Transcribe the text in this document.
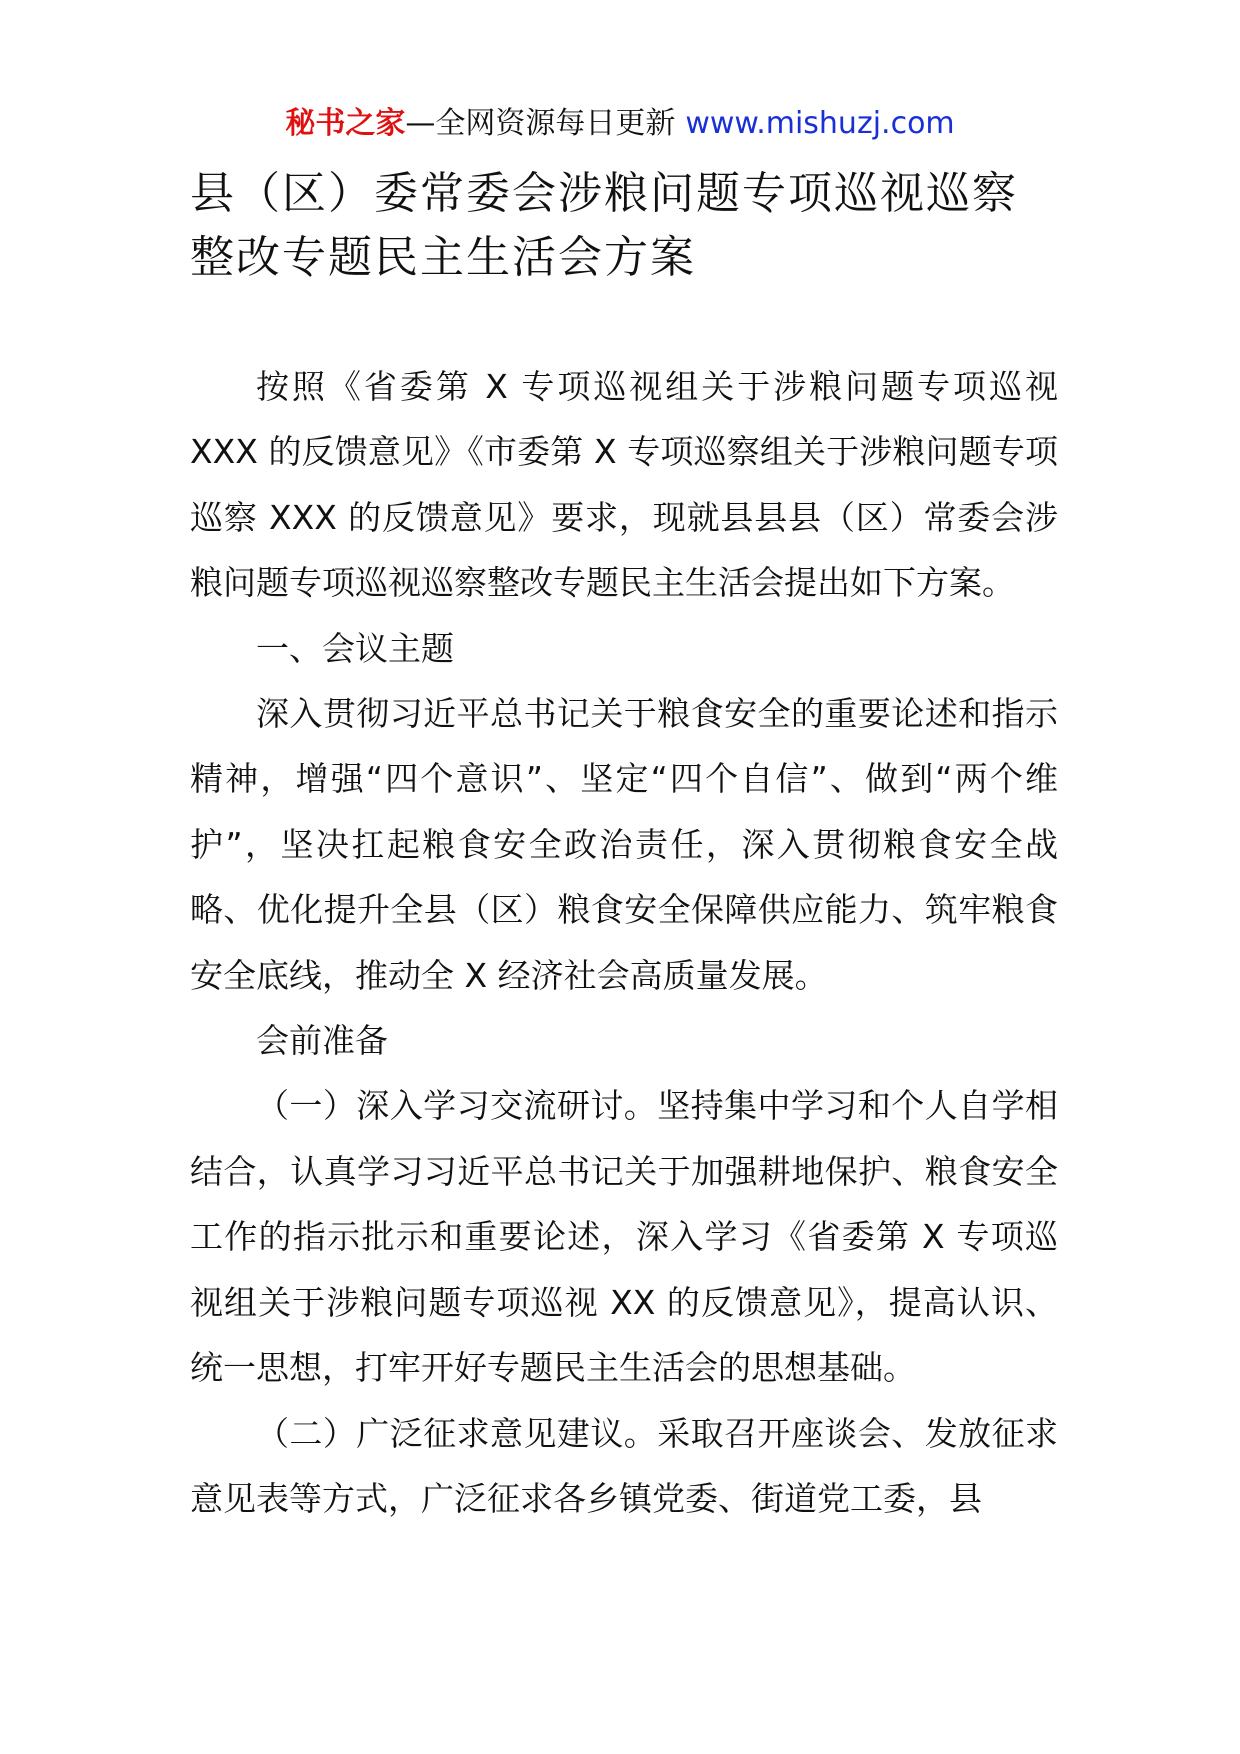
秘书之家—全网资源每日更新 www.mishuzj.com
县（区）委常委会涉粮问题专项巡视巡察整改专题民主生活会方案

按照《省委第 X 专项巡视组关于涉粮问题专项巡视XXX 的反馈意见》《市委第 X 专项巡察组关于涉粮问题专项巡察 XXX 的反馈意见》要求，现就县县县（区）常委会涉粮问题专项巡视巡察整改专题民主生活会提出如下方案。

一、会议主题

深入贯彻习近平总书记关于粮食安全的重要论述和指示精神，增强“四个意识”、坚定“四个自信”、做到“两个维护”，坚决扛起粮食安全政治责任，深入贯彻粮食安全战略、优化提升全县（区）粮食安全保障供应能力、筑牢粮食安全底线，推动全 X 经济社会高质量发展。

会前准备

（一）深入学习交流研讨。坚持集中学习和个人自学相结合，认真学习习近平总书记关于加强耕地保护、粮食安全工作的指示批示和重要论述，深入学习《省委第 X 专项巡视组关于涉粮问题专项巡视 XX 的反馈意见》，提高认识、统一思想，打牢开好专题民主生活会的思想基础。

（二）广泛征求意见建议。采取召开座谈会、发放征求意见表等方式，广泛征求各乡镇党委、街道党工委，县
